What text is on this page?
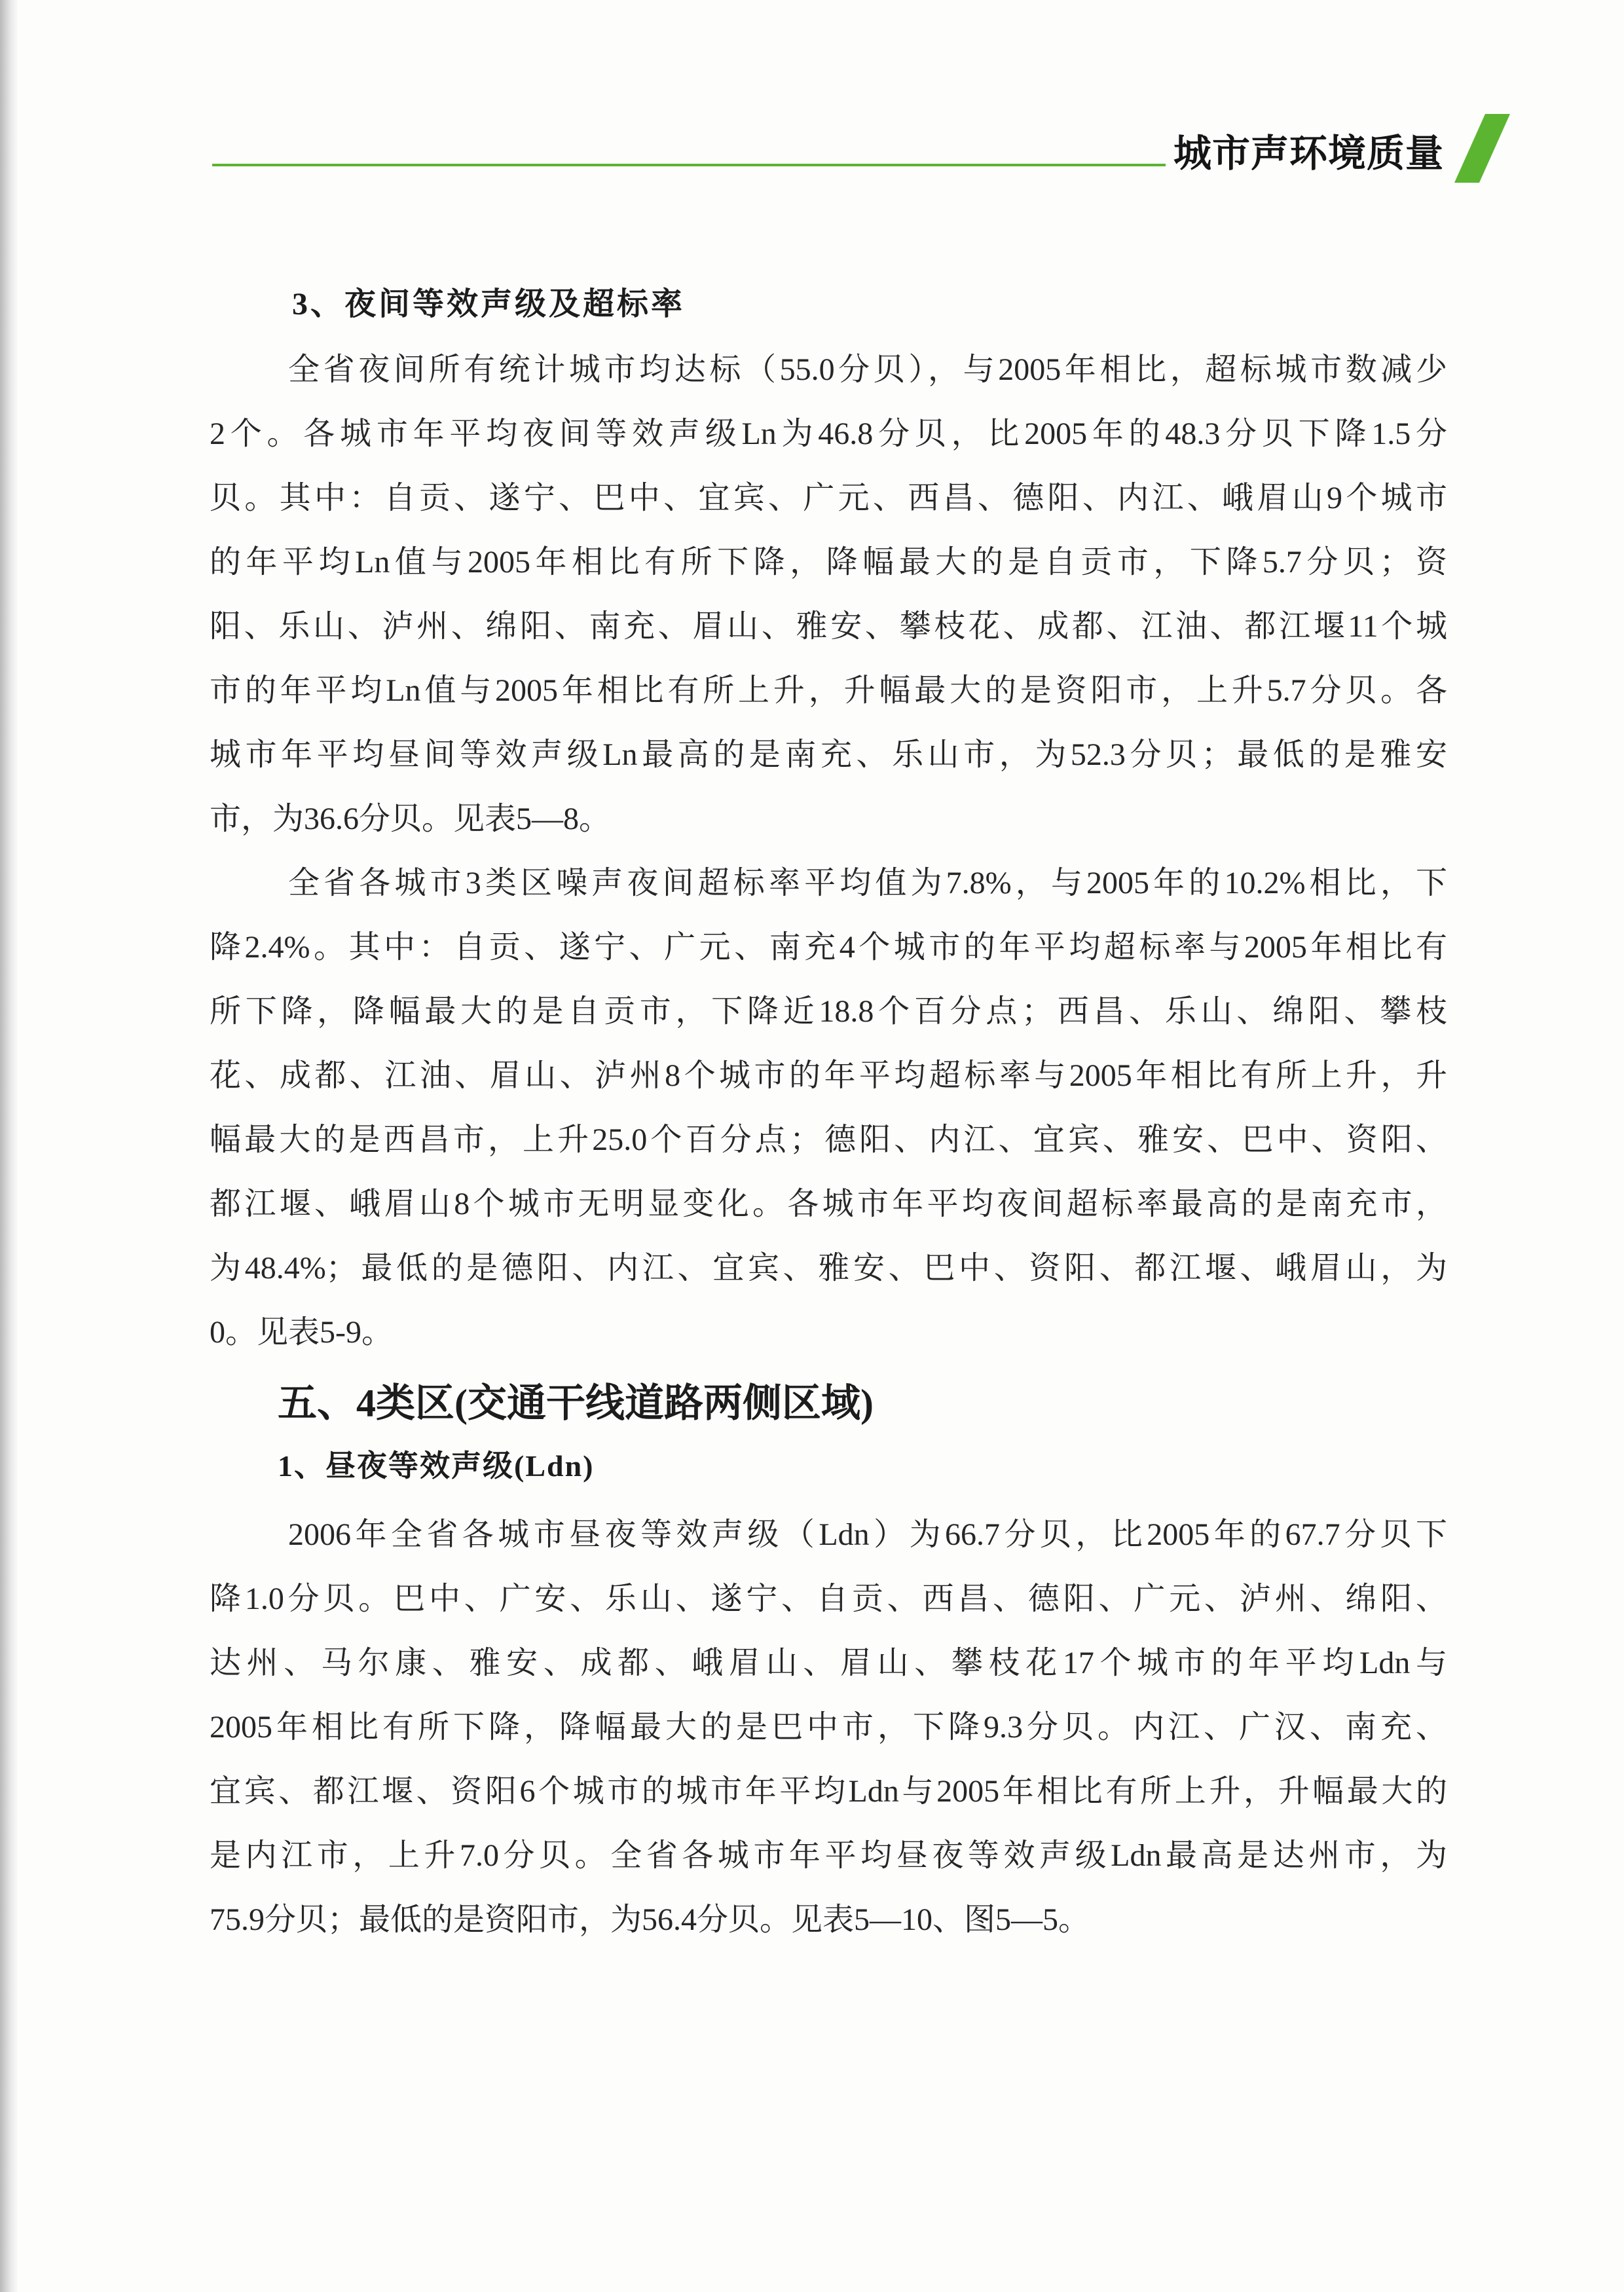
城市声环境质量
3、夜间等效声级及超标率
全省夜间所有统计城市均达标（55.0分贝），与2005年相比，超标城市数减少
2个。各城市年平均夜间等效声级Ln为46.8分贝，比2005年的48.3分贝下降1.5分
贝。其中：自贡、遂宁、巴中、宜宾、广元、西昌、德阳、内江、峨眉山9个城市
的年平均Ln值与2005年相比有所下降，降幅最大的是自贡市，下降5.7分贝；资
阳、乐山、泸州、绵阳、南充、眉山、雅安、攀枝花、成都、江油、都江堰11个城
市的年平均Ln值与2005年相比有所上升，升幅最大的是资阳市，上升5.7分贝。各
城市年平均昼间等效声级Ln最高的是南充、乐山市，为52.3分贝；最低的是雅安
市，为36.6分贝。见表5—8。
全省各城市3类区噪声夜间超标率平均值为7.8%，与2005年的10.2%相比，下
降2.4%。其中：自贡、遂宁、广元、南充4个城市的年平均超标率与2005年相比有
所下降，降幅最大的是自贡市，下降近18.8个百分点；西昌、乐山、绵阳、攀枝
花、成都、江油、眉山、泸州8个城市的年平均超标率与2005年相比有所上升，升
幅最大的是西昌市，上升25.0个百分点；德阳、内江、宜宾、雅安、巴中、资阳、
都江堰、峨眉山8个城市无明显变化。各城市年平均夜间超标率最高的是南充市，
为48.4%；最低的是德阳、内江、宜宾、雅安、巴中、资阳、都江堰、峨眉山，为
0。见表5-9。
五、4类区(交通干线道路两侧区域)
1、昼夜等效声级(Ldn)
2006年全省各城市昼夜等效声级（Ldn）为66.7分贝，比2005年的67.7分贝下
降1.0分贝。巴中、广安、乐山、遂宁、自贡、西昌、德阳、广元、泸州、绵阳、
达州、马尔康、雅安、成都、峨眉山、眉山、攀枝花17个城市的年平均Ldn与
2005年相比有所下降，降幅最大的是巴中市，下降9.3分贝。内江、广汉、南充、
宜宾、都江堰、资阳6个城市的城市年平均Ldn与2005年相比有所上升，升幅最大的
是内江市，上升7.0分贝。全省各城市年平均昼夜等效声级Ldn最高是达州市，为
75.9分贝；最低的是资阳市，为56.4分贝。见表5—10、图5—5。
